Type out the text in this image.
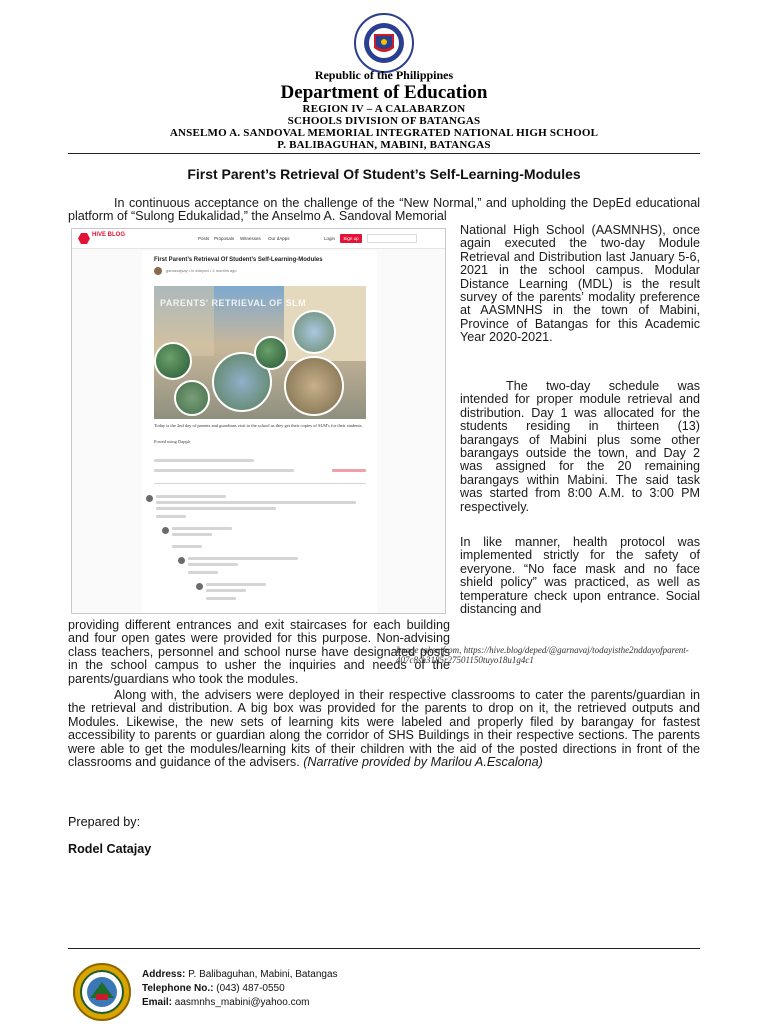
Republic of the Philippines
Department of Education
REGION IV – A CALABARZON
SCHOOLS DIVISION OF BATANGAS
ANSELMO A. SANDOVAL MEMORIAL INTEGRATED NATIONAL HIGH SCHOOL
P. BALIBAGUHAN, MABINI, BATANGAS
First Parent’s Retrieval Of Student’s Self-Learning-Modules
In continuous acceptance on the challenge of the “New Normal,” and upholding the DepEd educational platform of “Sulong Edukalidad,” the Anselmo A. Sandoval Memorial
National High School (AASMNHS), once again executed the two-day Module Retrieval and Distribution last January 5-6, 2021 in the school campus. Modular Distance Learning (MDL) is the result survey of the parents’ modality preference at AASMNHS in the town of Mabini, Province of Batangas for this Academic Year 2020-2021.
The two-day schedule was intended for proper module retrieval and distribution. Day 1 was allocated for the students residing in thirteen (13) barangays of Mabini plus some other barangays outside the town, and Day 2 was assigned for the 20 remaining barangays within Mabini. The said task was started from 8:00 A.M. to 3:00 PM respectively.
In like manner, health protocol was implemented strictly for the safety of everyone. “No face mask and no face shield policy” was practiced, as well as temperature check upon entrance. Social distancing and
providing different entrances and exit staircases for each building and four open gates were provided for this purpose. Non-advising class teachers, personnel and school nurse have designated posts in the school campus to usher the inquiries and needs of the parents/guardians who took the modules.
HIVE BLOG
Posts Proposals Witnesses Our dApps	Login	Sign up
First Parent’s Retrieval Of Student’s Self-Learning-Modules
garnavajsay • in #deped • 4 months ago
PARENTS' RETRIEVAL OF SLM
Today is the 2nd day of parents and guardians visit to the school as they get their copies of SLM's for their students.
Posted using Dapplr
Image taken from, https://hive.blog/deped/@garnavaj/todayisthe2nddayofparent-407c8sh3185r27501150tuyo18u1g4c1
Along with, the advisers were deployed in their respective classrooms to cater the parents/guardian in the retrieval and distribution. A big box was provided for the parents to drop on it, the retrieved outputs and Modules. Likewise, the new sets of learning kits were labeled and properly filed by barangay for fastest accessibility to parents or guardian along the corridor of SHS Buildings in their respective sections. The parents were able to get the modules/learning kits of their children with the aid of the posted directions in front of the classrooms and guidance of the advisers. (Narrative provided by Marilou A.Escalona)
Prepared by:
Rodel Catajay
Address: P. Balibaguhan, Mabini, Batangas
Telephone No.: (043) 487-0550
Email: aasmnhs_mabini@yahoo.com
